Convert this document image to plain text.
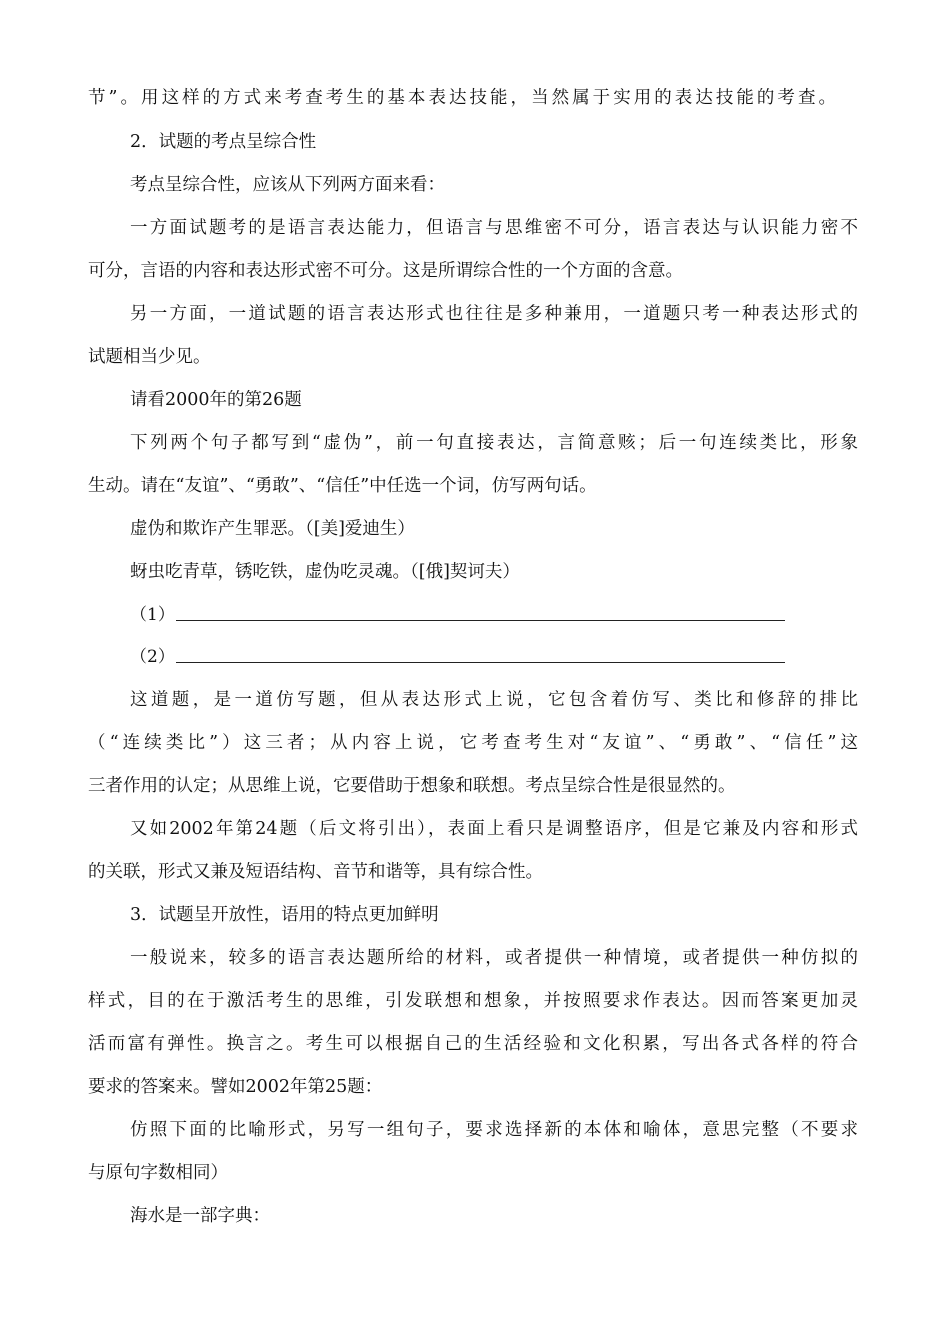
节”。用这样的方式来考查考生的基本表达技能，当然属于实用的表达技能的考查。
2．试题的考点呈综合性
考点呈综合性，应该从下列两方面来看：
一方面试题考的是语言表达能力，但语言与思维密不可分，语言表达与认识能力密不
可分，言语的内容和表达形式密不可分。这是所谓综合性的一个方面的含意。
另一方面，一道试题的语言表达形式也往往是多种兼用，一道题只考一种表达形式的
试题相当少见。
请看2000年的第26题
下列两个句子都写到“虚伪”，前一句直接表达，言简意赅；后一句连续类比，形象
生动。请在“友谊”、“勇敢”、“信任”中任选一个词，仿写两句话。
虚伪和欺诈产生罪恶。（[美]爱迪生）
蚜虫吃青草，锈吃铁，虚伪吃灵魂。（[俄]契诃夫）
（1）
（2）
这道题，是一道仿写题，但从表达形式上说，它包含着仿写、类比和修辞的排比
（“连续类比”）这三者；从内容上说，它考查考生对“友谊”、“勇敢”、“信任”这
三者作用的认定；从思维上说，它要借助于想象和联想。考点呈综合性是很显然的。
又如2002年第24题（后文将引出），表面上看只是调整语序，但是它兼及内容和形式
的关联，形式又兼及短语结构、音节和谐等，具有综合性。
3．试题呈开放性，语用的特点更加鲜明
一般说来，较多的语言表达题所给的材料，或者提供一种情境，或者提供一种仿拟的
样式，目的在于激活考生的思维，引发联想和想象，并按照要求作表达。因而答案更加灵
活而富有弹性。换言之。考生可以根据自己的生活经验和文化积累，写出各式各样的符合
要求的答案来。譬如2002年第25题：
仿照下面的比喻形式，另写一组句子，要求选择新的本体和喻体，意思完整（不要求
与原句字数相同）
海水是一部字典：
